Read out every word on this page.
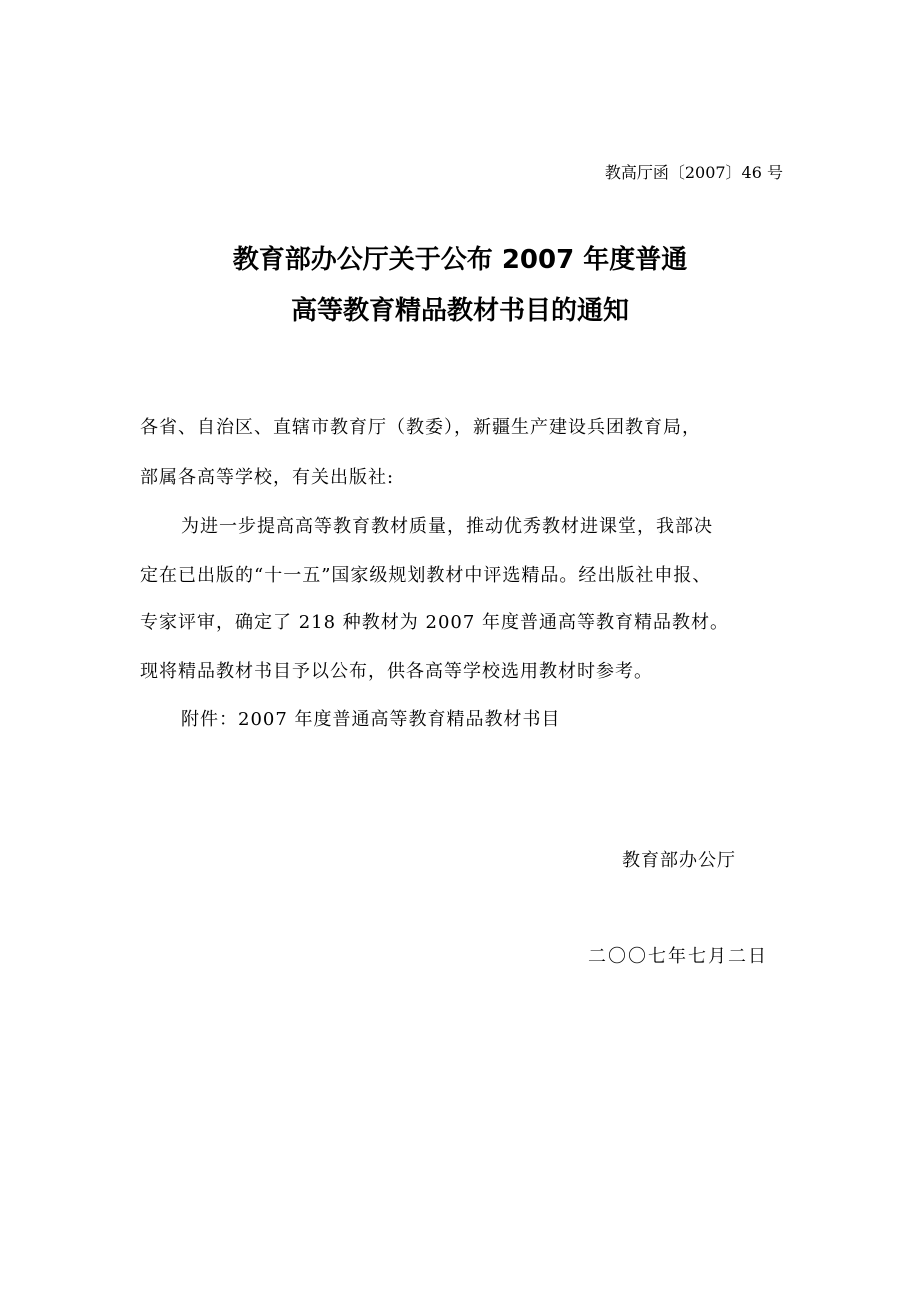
教高厅函〔2007〕46 号
教育部办公厅关于公布 2007 年度普通
高等教育精品教材书目的通知
各省、自治区、直辖市教育厅（教委），新疆生产建设兵团教育局，
部属各高等学校，有关出版社:
为进一步提高高等教育教材质量，推动优秀教材进课堂，我部决
定在已出版的“十一五”国家级规划教材中评选精品。经出版社申报、
专家评审，确定了 218 种教材为 2007 年度普通高等教育精品教材。
现将精品教材书目予以公布，供各高等学校选用教材时参考。
附件：2007 年度普通高等教育精品教材书目
教育部办公厅
二〇〇七年七月二日
